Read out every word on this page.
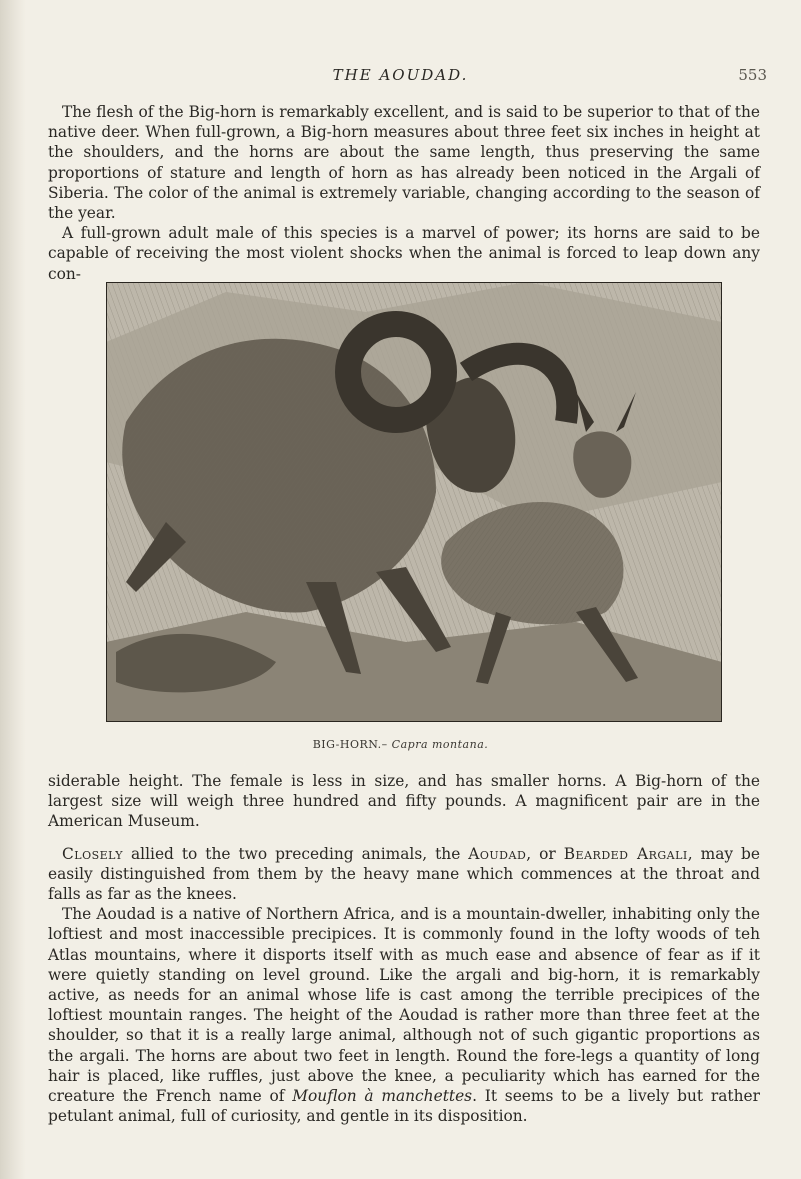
THE AOUDAD.	553

The flesh of the Big-horn is remarkably excellent, and is said to be superior to that of the native deer. When full-grown, a Big-horn measures about three feet six inches in height at the shoulders, and the horns are about the same length, thus preserving the same proportions of stature and length of horn as has already been noticed in the Argali of Siberia. The color of the animal is extremely variable, changing according to the season of the year.

A full-grown adult male of this species is a marvel of power; its horns are said to be capable of receiving the most violent shocks when the animal is forced to leap down any con-

BIG-HORN.– Capra montana.

siderable height. The female is less in size, and has smaller horns. A Big-horn of the largest size will weigh three hundred and fifty pounds. A magnificent pair are in the American Museum.

Closely allied to the two preceding animals, the Aoudad, or Bearded Argali, may be easily distinguished from them by the heavy mane which commences at the throat and falls as far as the knees.

The Aoudad is a native of Northern Africa, and is a mountain-dweller, inhabiting only the loftiest and most inaccessible precipices. It is commonly found in the lofty woods of teh Atlas mountains, where it disports itself with as much ease and absence of fear as if it were quietly standing on level ground. Like the argali and big-horn, it is remarkably active, as needs for an animal whose life is cast among the terrible precipices of the loftiest mountain ranges. The height of the Aoudad is rather more than three feet at the shoulder, so that it is a really large animal, although not of such gigantic proportions as the argali. The horns are about two feet in length. Round the fore-legs a quantity of long hair is placed, like ruffles, just above the knee, a peculiarity which has earned for the creature the French name of Mouflon à manchettes. It seems to be a lively but rather petulant animal, full of curiosity, and gentle in its disposition.
